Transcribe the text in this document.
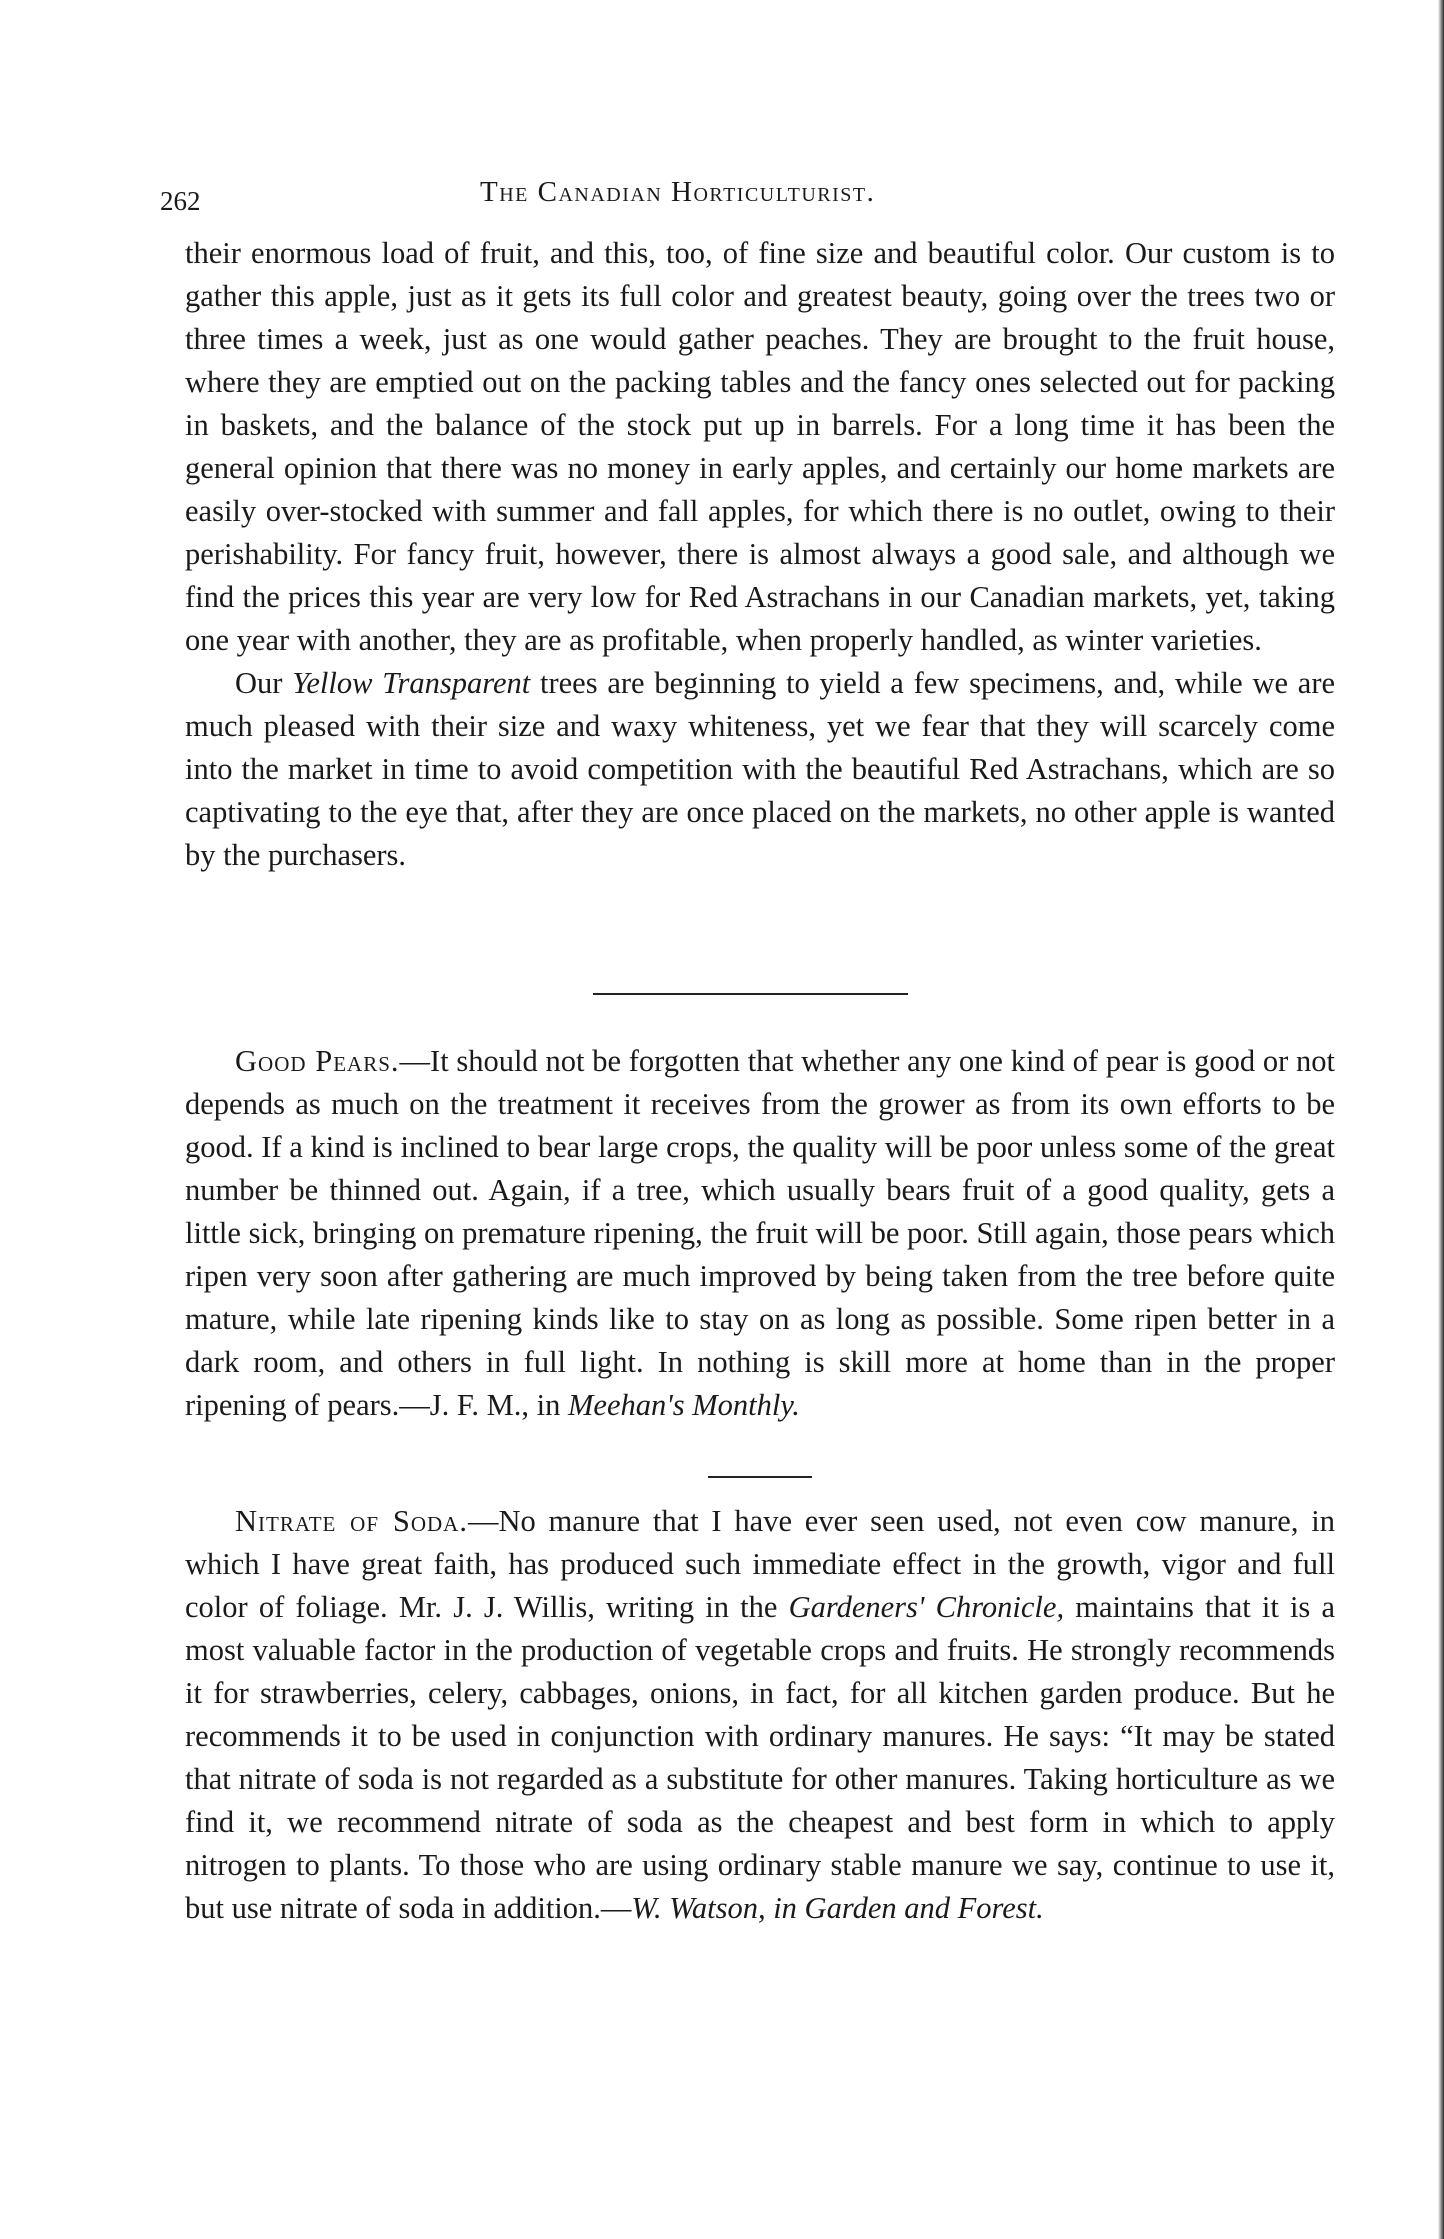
262	The Canadian Horticulturist.

their enormous load of fruit, and this, too, of fine size and beautiful color. Our custom is to gather this apple, just as it gets its full color and greatest beauty, going over the trees two or three times a week, just as one would gather peaches. They are brought to the fruit house, where they are emptied out on the packing tables and the fancy ones selected out for packing in baskets, and the balance of the stock put up in barrels. For a long time it has been the general opinion that there was no money in early apples, and certainly our home markets are easily over-stocked with summer and fall apples, for which there is no outlet, owing to their perishability. For fancy fruit, however, there is almost always a good sale, and although we find the prices this year are very low for Red Astrachans in our Canadian markets, yet, taking one year with another, they are as profitable, when properly handled, as winter varieties.

Our Yellow Transparent trees are beginning to yield a few specimens, and, while we are much pleased with their size and waxy whiteness, yet we fear that they will scarcely come into the market in time to avoid competition with the beautiful Red Astrachans, which are so captivating to the eye that, after they are once placed on the markets, no other apple is wanted by the purchasers.

Good Pears.—It should not be forgotten that whether any one kind of pear is good or not depends as much on the treatment it receives from the grower as from its own efforts to be good. If a kind is inclined to bear large crops, the quality will be poor unless some of the great number be thinned out. Again, if a tree, which usually bears fruit of a good quality, gets a little sick, bringing on premature ripening, the fruit will be poor. Still again, those pears which ripen very soon after gathering are much improved by being taken from the tree before quite mature, while late ripening kinds like to stay on as long as possible. Some ripen better in a dark room, and others in full light. In nothing is skill more at home than in the proper ripening of pears.—J. F. M., in Meehan's Monthly.

Nitrate of Soda.—No manure that I have ever seen used, not even cow manure, in which I have great faith, has produced such immediate effect in the growth, vigor and full color of foliage. Mr. J. J. Willis, writing in the Gardeners' Chronicle, maintains that it is a most valuable factor in the production of vegetable crops and fruits. He strongly recommends it for strawberries, celery, cabbages, onions, in fact, for all kitchen garden produce. But he recommends it to be used in conjunction with ordinary manures. He says: “It may be stated that nitrate of soda is not regarded as a substitute for other manures. Taking horticulture as we find it, we recommend nitrate of soda as the cheapest and best form in which to apply nitrogen to plants. To those who are using ordinary stable manure we say, continue to use it, but use nitrate of soda in addition.—W. Watson, in Garden and Forest.
